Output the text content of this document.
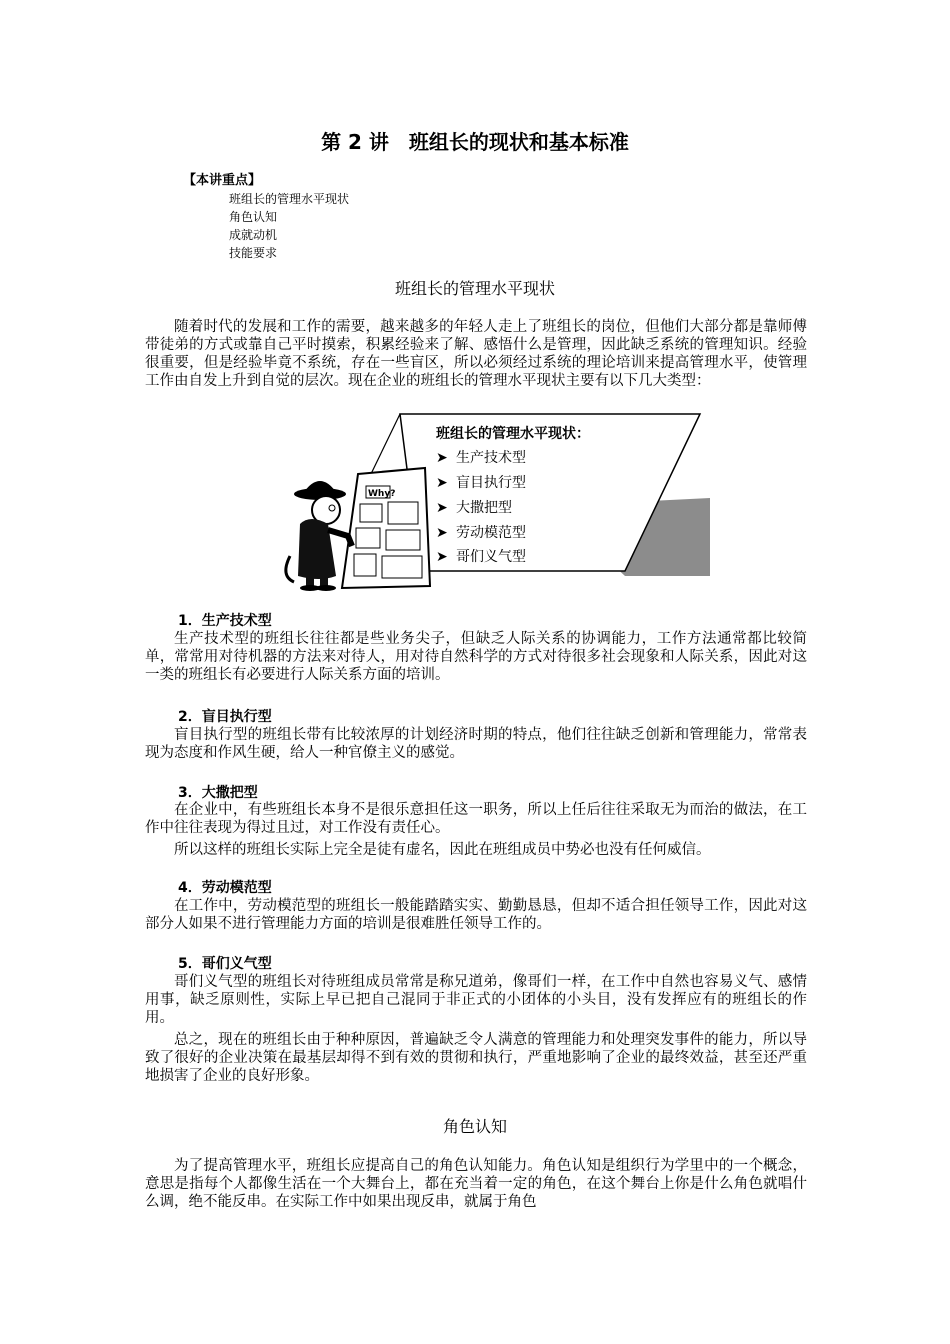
第 2 讲　班组长的现状和基本标准
【本讲重点】
班组长的管理水平现状
角色认知
成就动机
技能要求
班组长的管理水平现状

随着时代的发展和工作的需要，越来越多的年轻人走上了班组长的岗位，但他们大部分都是靠师傅带徒弟的方式或靠自己平时摸索，积累经验来了解、感悟什么是管理，因此缺乏系统的管理知识。经验很重要，但是经验毕竟不系统，存在一些盲区，所以必须经过系统的理论培训来提高管理水平，使管理工作由自发上升到自觉的层次。现在企业的班组长的管理水平现状主要有以下几大类型：

班组长的管理水平现状：
➤ 生产技术型
➤ 盲目执行型
➤ 大撒把型
➤ 劳动模范型
➤ 哥们义气型
Why?
1．生产技术型

生产技术型的班组长往往都是些业务尖子，但缺乏人际关系的协调能力，工作方法通常都比较简单，常常用对待机器的方法来对待人，用对待自然科学的方式对待很多社会现象和人际关系，因此对这一类的班组长有必要进行人际关系方面的培训。

2．盲目执行型

盲目执行型的班组长带有比较浓厚的计划经济时期的特点，他们往往缺乏创新和管理能力，常常表现为态度和作风生硬，给人一种官僚主义的感觉。

3．大撒把型

在企业中，有些班组长本身不是很乐意担任这一职务，所以上任后往往采取无为而治的做法，在工作中往往表现为得过且过，对工作没有责任心。

所以这样的班组长实际上完全是徒有虚名，因此在班组成员中势必也没有任何威信。

4．劳动模范型

在工作中，劳动模范型的班组长一般能踏踏实实、勤勤恳恳，但却不适合担任领导工作，因此对这部分人如果不进行管理能力方面的培训是很难胜任领导工作的。

5．哥们义气型

哥们义气型的班组长对待班组成员常常是称兄道弟，像哥们一样，在工作中自然也容易义气、感情用事，缺乏原则性，实际上早已把自己混同于非正式的小团体的小头目，没有发挥应有的班组长的作用。

总之，现在的班组长由于种种原因，普遍缺乏令人满意的管理能力和处理突发事件的能力，所以导致了很好的企业决策在最基层却得不到有效的贯彻和执行，严重地影响了企业的最终效益，甚至还严重地损害了企业的良好形象。

角色认知

为了提高管理水平，班组长应提高自己的角色认知能力。角色认知是组织行为学里中的一个概念，意思是指每个人都像生活在一个大舞台上，都在充当着一定的角色，在这个舞台上你是什么角色就唱什么调，绝不能反串。在实际工作中如果出现反串，就属于角色
